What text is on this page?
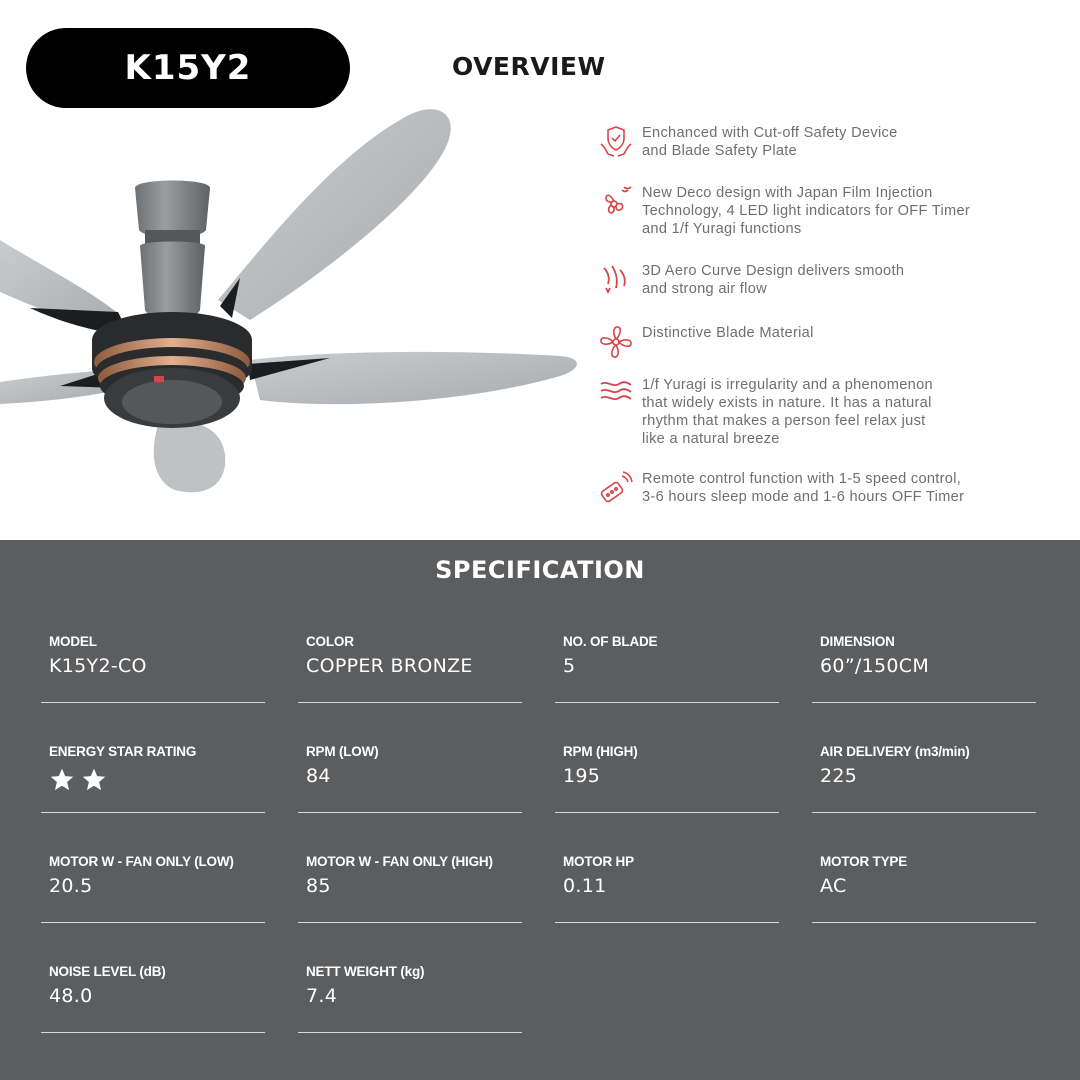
K15Y2	OVERVIEW
Enchanced with Cut-off Safety Device
and Blade Safety Plate
New Deco design with Japan Film Injection
Technology, 4 LED light indicators for OFF Timer
and 1/f Yuragi functions
3D Aero Curve Design delivers smooth
and strong air flow
Distinctive Blade Material
1/f Yuragi is irregularity and a phenomenon
that widely exists in nature. It has a natural
rhythm that makes a person feel relax just
like a natural breeze
Remote control function with 1-5 speed control,
3-6 hours sleep mode and 1-6 hours OFF Timer
SPECIFICATION
MODEL
K15Y2-CO
COLOR
COPPER BRONZE
NO. OF BLADE
5
DIMENSION
60”/150CM
ENERGY STAR RATING	RPM (LOW)
84
RPM (HIGH)
195
AIR DELIVERY (m3/min)
225
MOTOR W - FAN ONLY (LOW)
20.5
MOTOR W - FAN ONLY (HIGH)
85
MOTOR HP
0.11
MOTOR TYPE
AC
NOISE LEVEL (dB)
48.0
NETT WEIGHT (kg)
7.4
